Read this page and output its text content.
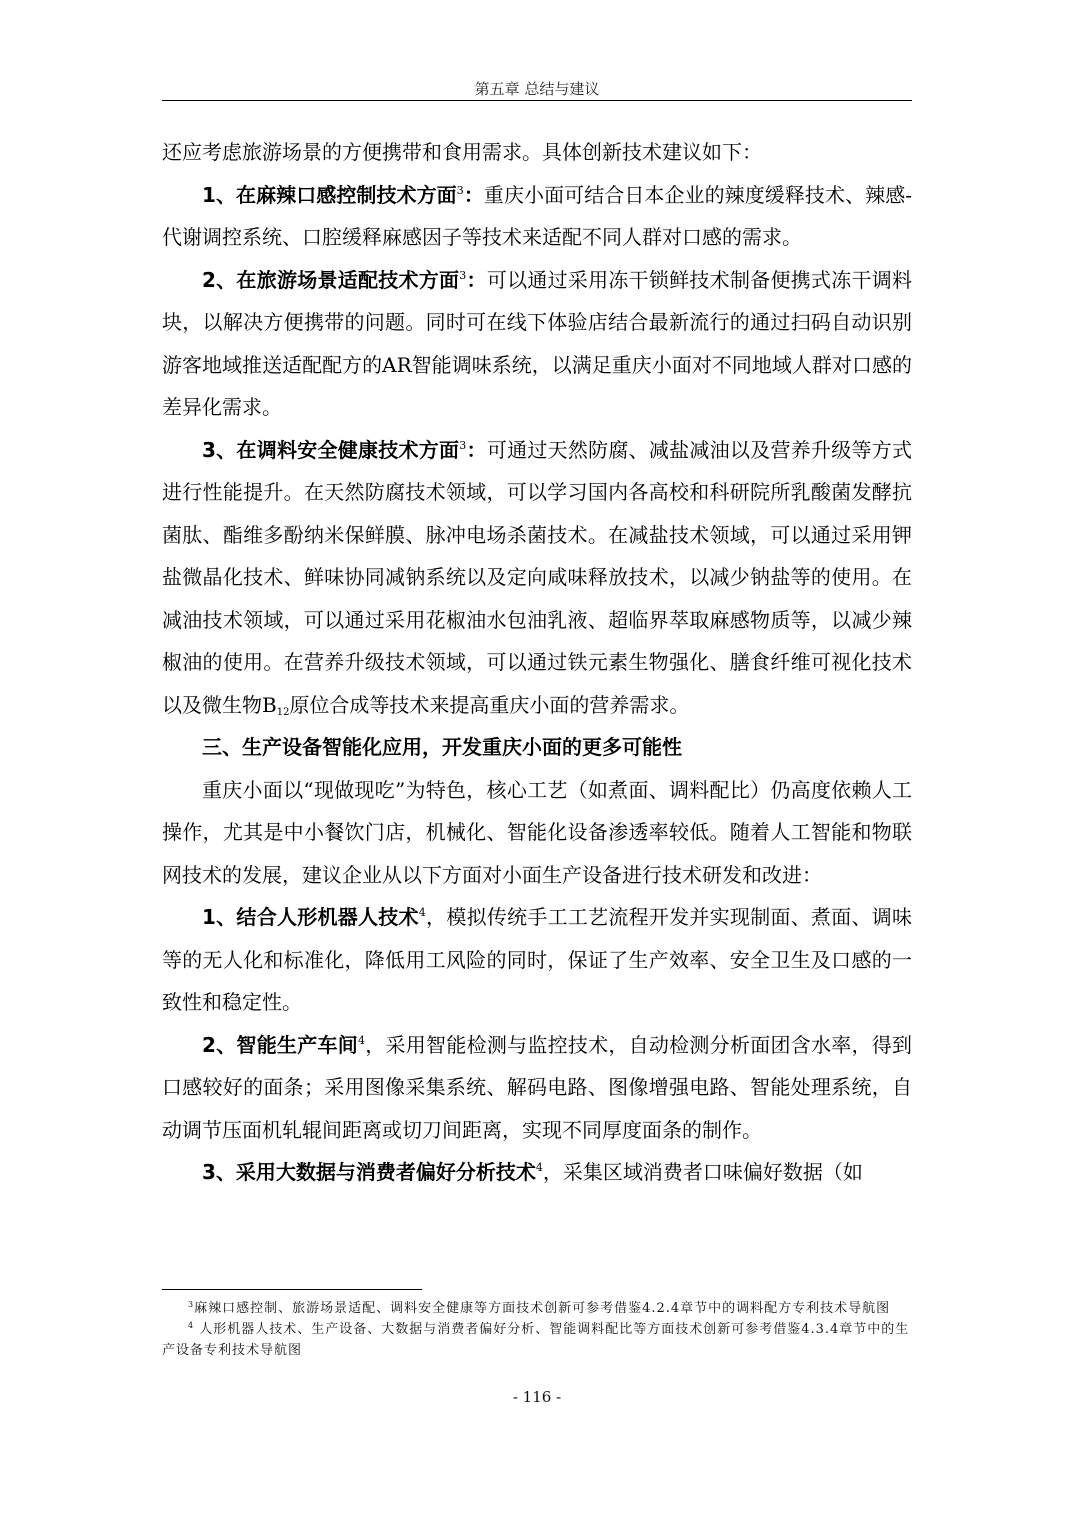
第五章 总结与建议

还应考虑旅游场景的方便携带和食用需求。具体创新技术建议如下：

1、在麻辣口感控制技术方面$^3$：重庆小面可结合日本企业的辣度缓释技术、辣感-代谢调控系统、口腔缓释麻感因子等技术来适配不同人群对口感的需求。

2、在旅游场景适配技术方面$^3$：可以通过采用冻干锁鲜技术制备便携式冻干调料块，以解决方便携带的问题。同时可在线下体验店结合最新流行的通过扫码自动识别游客地域推送适配配方的AR智能调味系统，以满足重庆小面对不同地域人群对口感的差异化需求。

3、在调料安全健康技术方面$^3$：可通过天然防腐、减盐减油以及营养升级等方式进行性能提升。在天然防腐技术领域，可以学习国内各高校和科研院所乳酸菌发酵抗菌肽、酯维多酚纳米保鲜膜、脉冲电场杀菌技术。在减盐技术领域，可以通过采用钾盐微晶化技术、鲜味协同减钠系统以及定向咸味释放技术，以减少钠盐等的使用。在减油技术领域，可以通过采用花椒油水包油乳液、超临界萃取麻感物质等，以减少辣椒油的使用。在营养升级技术领域，可以通过铁元素生物强化、膳食纤维可视化技术以及微生物$B_{12}$原位合成等技术来提高重庆小面的营养需求。

三、生产设备智能化应用，开发重庆小面的更多可能性

重庆小面以“现做现吃”为特色，核心工艺（如煮面、调料配比）仍高度依赖人工操作，尤其是中小餐饮门店，机械化、智能化设备渗透率较低。随着人工智能和物联网技术的发展，建议企业从以下方面对小面生产设备进行技术研发和改进：

1、结合人形机器人技术$^4$，模拟传统手工工艺流程开发并实现制面、煮面、调味等的无人化和标准化，降低用工风险的同时，保证了生产效率、安全卫生及口感的一致性和稳定性。

2、智能生产车间$^4$，采用智能检测与监控技术，自动检测分析面团含水率，得到口感较好的面条；采用图像采集系统、解码电路、图像增强电路、智能处理系统，自动调节压面机轧辊间距离或切刀间距离，实现不同厚度面条的制作。

3、采用大数据与消费者偏好分析技术$^4$，采集区域消费者口味偏好数据（如

$^3$麻辣口感控制、旅游场景适配、调料安全健康等方面技术创新可参考借鉴4.2.4章节中的调料配方专利技术导航图

$^4$ 人形机器人技术、生产设备、大数据与消费者偏好分析、智能调料配比等方面技术创新可参考借鉴4.3.4章节中的生产设备专利技术导航图

- 116 -
